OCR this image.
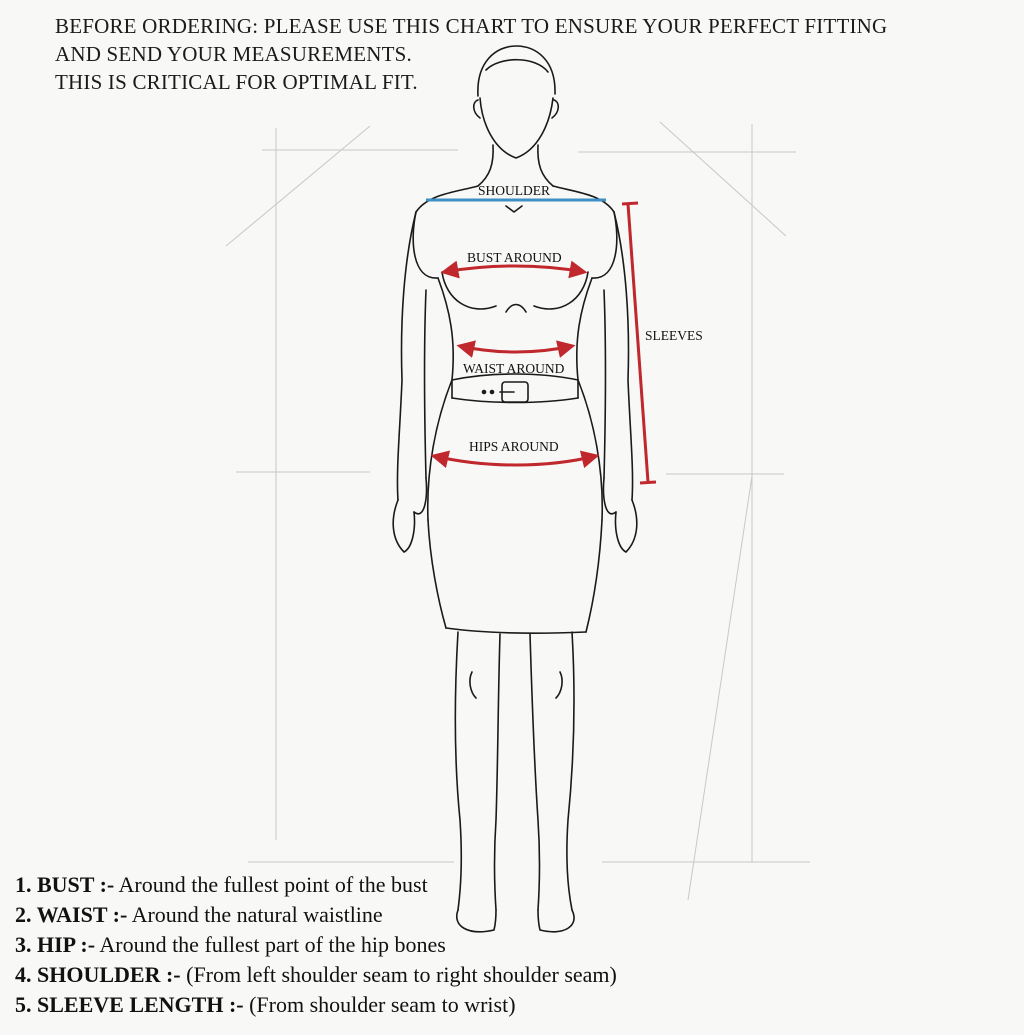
BEFORE ORDERING: PLEASE USE THIS CHART TO ENSURE YOUR PERFECT FITTING
AND SEND YOUR MEASUREMENTS.
THIS IS CRITICAL FOR OPTIMAL FIT.
SHOULDER
BUST AROUND
WAIST AROUND
HIPS AROUND
SLEEVES
1. BUST :- Around the fullest point of the bust
2. WAIST :- Around the natural waistline
3. HIP :- Around the fullest part of the hip bones
4. SHOULDER :- (From left shoulder seam to right shoulder seam)
5. SLEEVE LENGTH :- (From shoulder seam to wrist)
